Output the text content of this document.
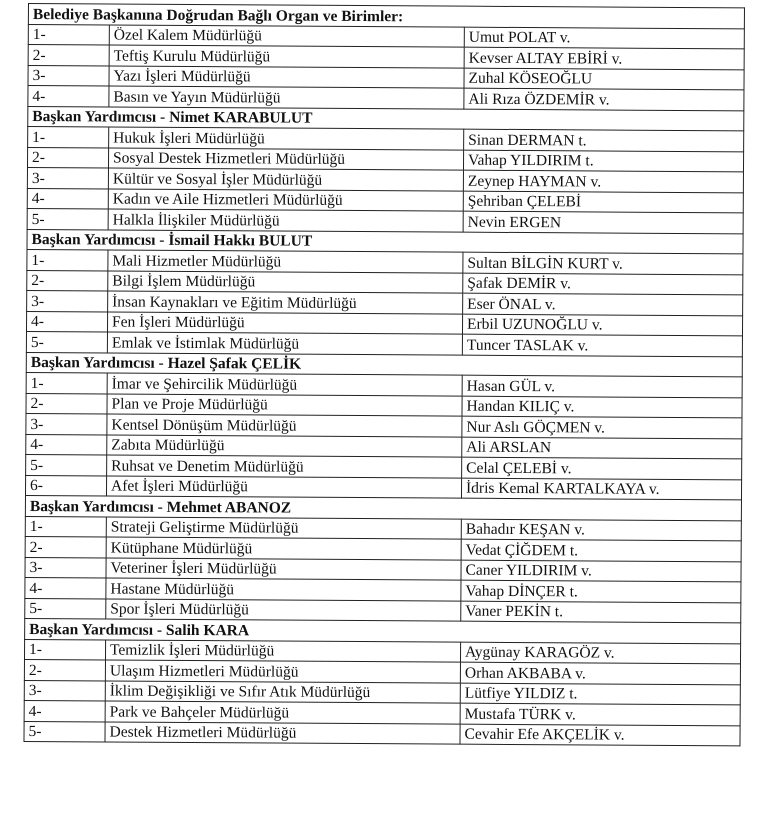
Belediye Başkanına Doğrudan Bağlı Organ ve Birimler:		
1-	Özel Kalem Müdürlüğü	Umut POLAT v.
2-	Teftiş Kurulu Müdürlüğü	Kevser ALTAY EBİRİ v.
3-	Yazı İşleri Müdürlüğü	Zuhal KÖSEOĞLU
4-	Basın ve Yayın Müdürlüğü	Ali Rıza ÖZDEMİR v.
Başkan Yardımcısı - Nimet KARABULUT		
1-	Hukuk İşleri Müdürlüğü	Sinan DERMAN t.
2-	Sosyal Destek Hizmetleri Müdürlüğü	Vahap YILDIRIM t.
3-	Kültür ve Sosyal İşler Müdürlüğü	Zeynep HAYMAN v.
4-	Kadın ve Aile Hizmetleri Müdürlüğü	Şehriban ÇELEBİ
5-	Halkla İlişkiler Müdürlüğü	Nevin ERGEN
Başkan Yardımcısı - İsmail Hakkı BULUT		
1-	Mali Hizmetler Müdürlüğü	Sultan BİLGİN KURT v.
2-	Bilgi İşlem Müdürlüğü	Şafak DEMİR v.
3-	İnsan Kaynakları ve Eğitim Müdürlüğü	Eser ÖNAL v.
4-	Fen İşleri Müdürlüğü	Erbil UZUNOĞLU v.
5-	Emlak ve İstimlak Müdürlüğü	Tuncer TASLAK v.
Başkan Yardımcısı - Hazel Şafak ÇELİK		
1-	İmar ve Şehircilik Müdürlüğü	Hasan GÜL v.
2-	Plan ve Proje Müdürlüğü	Handan KILIÇ v.
3-	Kentsel Dönüşüm Müdürlüğü	Nur Aslı GÖÇMEN v.
4-	Zabıta Müdürlüğü	Ali ARSLAN
5-	Ruhsat ve Denetim Müdürlüğü	Celal ÇELEBİ v.
6-	Afet İşleri Müdürlüğü	İdris Kemal KARTALKAYA v.
Başkan Yardımcısı - Mehmet ABANOZ		
1-	Strateji Geliştirme Müdürlüğü	Bahadır KEŞAN v.
2-	Kütüphane Müdürlüğü	Vedat ÇİĞDEM t.
3-	Veteriner İşleri Müdürlüğü	Caner YILDIRIM v.
4-	Hastane Müdürlüğü	Vahap DİNÇER t.
5-	Spor İşleri Müdürlüğü	Vaner PEKİN t.
Başkan Yardımcısı - Salih KARA		
1-	Temizlik İşleri Müdürlüğü	Aygünay KARAGÖZ v.
2-	Ulaşım Hizmetleri Müdürlüğü	Orhan AKBABA v.
3-	İklim Değişikliği ve Sıfır Atık Müdürlüğü	Lütfiye YILDIZ t.
4-	Park ve Bahçeler Müdürlüğü	Mustafa TÜRK v.
5-	Destek Hizmetleri Müdürlüğü	Cevahir Efe AKÇELİK v.
